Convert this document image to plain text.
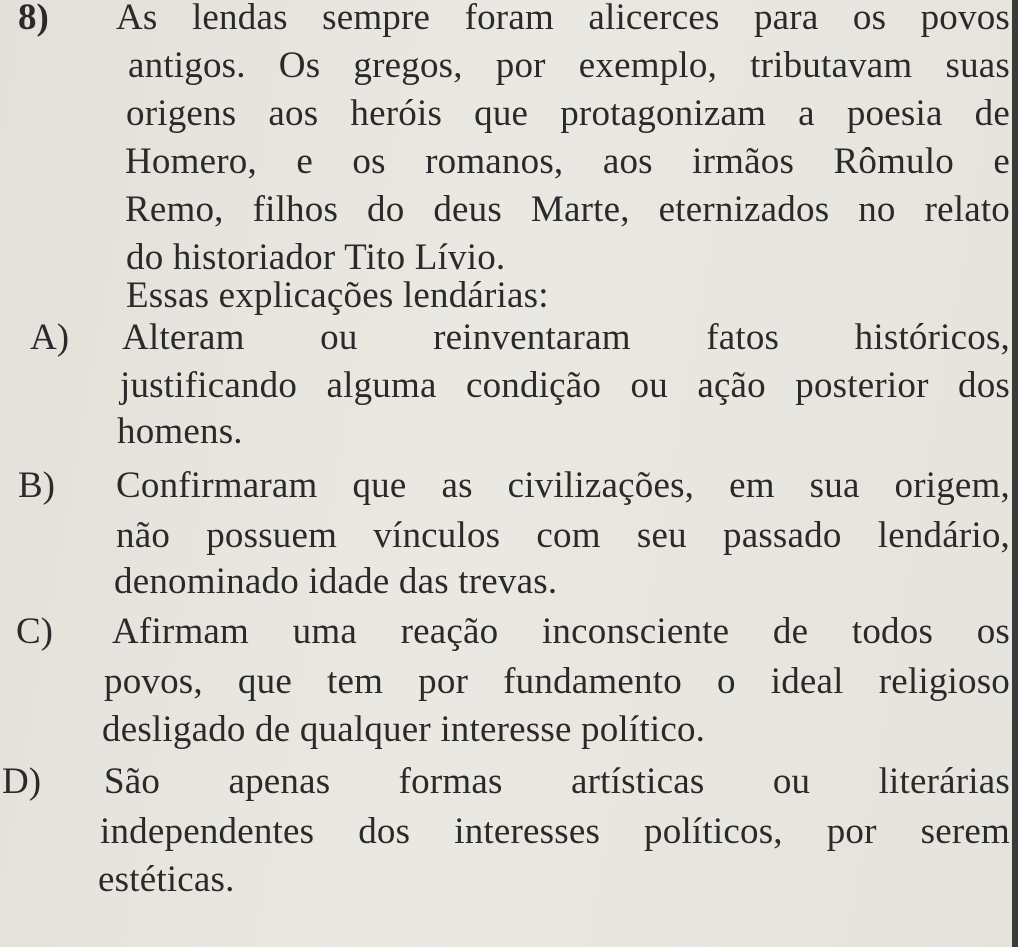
8) As lendas sempre foram alicerces para os povos
antigos. Os gregos, por exemplo, tributavam suas
origens aos heróis que protagonizam a poesia de
Homero, e os romanos, aos irmãos Rômulo e
Remo, filhos do deus Marte, eternizados no relato
do historiador Tito Lívio.
Essas explicações lendárias:
A) Alteram ou reinventaram fatos históricos,
justificando alguma condição ou ação posterior dos
homens.
B) Confirmaram que as civilizações, em sua origem,
não possuem vínculos com seu passado lendário,
denominado idade das trevas.
C) Afirmam uma reação inconsciente de todos os
povos, que tem por fundamento o ideal religioso
desligado de qualquer interesse político.
D) São apenas formas artísticas ou literárias
independentes dos interesses políticos, por serem
estéticas.
